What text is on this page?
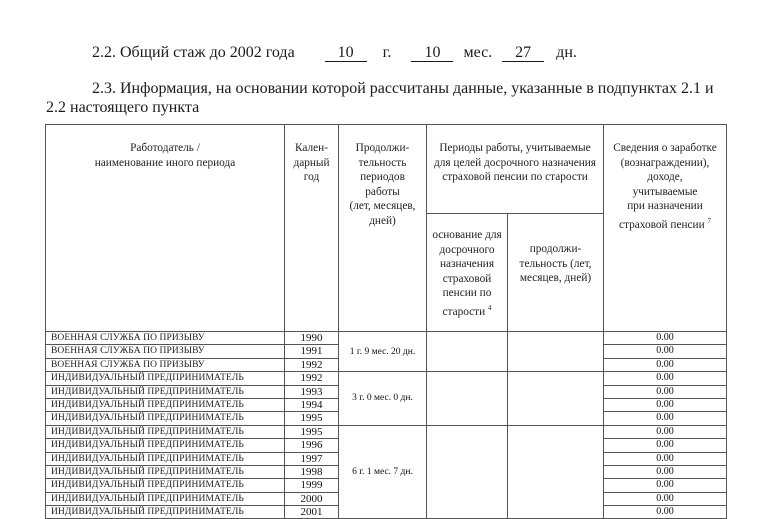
2.2. Общий стаж до 2002 года	10 г. 10 мес. 27 дн.
2.3. Информация, на основании которой рассчитаны данные, указанные в подпунктах 2.1 и
2.2 настоящего пункта
Работодатель /
наименование иного периода

Кален-
дарный
год

Продолжи-
тельность
периодов
работы
(лет, месяцев,
дней)

Периоды работы, учитываемые
для целей досрочного назначения
страховой пенсии по старости

Сведения о заработке
(вознаграждении),
доходе,
учитываемые
при назначении
страховой пенсии $^7$

основание для
досрочного
назначения
страховой
пенсии по
старости $^4$

продолжи-
тельность (лет,
месяцев, дней)

ВОЕННАЯ СЛУЖБА ПО ПРИЗЫВУ	1990	1 г. 9 мес. 20 дн.			0.00
ВОЕННАЯ СЛУЖБА ПО ПРИЗЫВУ	1991				0.00
ВОЕННАЯ СЛУЖБА ПО ПРИЗЫВУ	1992				0.00
ИНДИВИДУАЛЬНЫЙ ПРЕДПРИНИМАТЕЛЬ	1992	3 г. 0 мес. 0 дн.			0.00
ИНДИВИДУАЛЬНЫЙ ПРЕДПРИНИМАТЕЛЬ	1993				0.00
ИНДИВИДУАЛЬНЫЙ ПРЕДПРИНИМАТЕЛЬ	1994				0.00
ИНДИВИДУАЛЬНЫЙ ПРЕДПРИНИМАТЕЛЬ	1995				0.00
ИНДИВИДУАЛЬНЫЙ ПРЕДПРИНИМАТЕЛЬ	1995	6 г. 1 мес. 7 дн.			0.00
ИНДИВИДУАЛЬНЫЙ ПРЕДПРИНИМАТЕЛЬ	1996				0.00
ИНДИВИДУАЛЬНЫЙ ПРЕДПРИНИМАТЕЛЬ	1997				0.00
ИНДИВИДУАЛЬНЫЙ ПРЕДПРИНИМАТЕЛЬ	1998				0.00
ИНДИВИДУАЛЬНЫЙ ПРЕДПРИНИМАТЕЛЬ	1999				0.00
ИНДИВИДУАЛЬНЫЙ ПРЕДПРИНИМАТЕЛЬ	2000				0.00
ИНДИВИДУАЛЬНЫЙ ПРЕДПРИНИМАТЕЛЬ	2001				0.00
